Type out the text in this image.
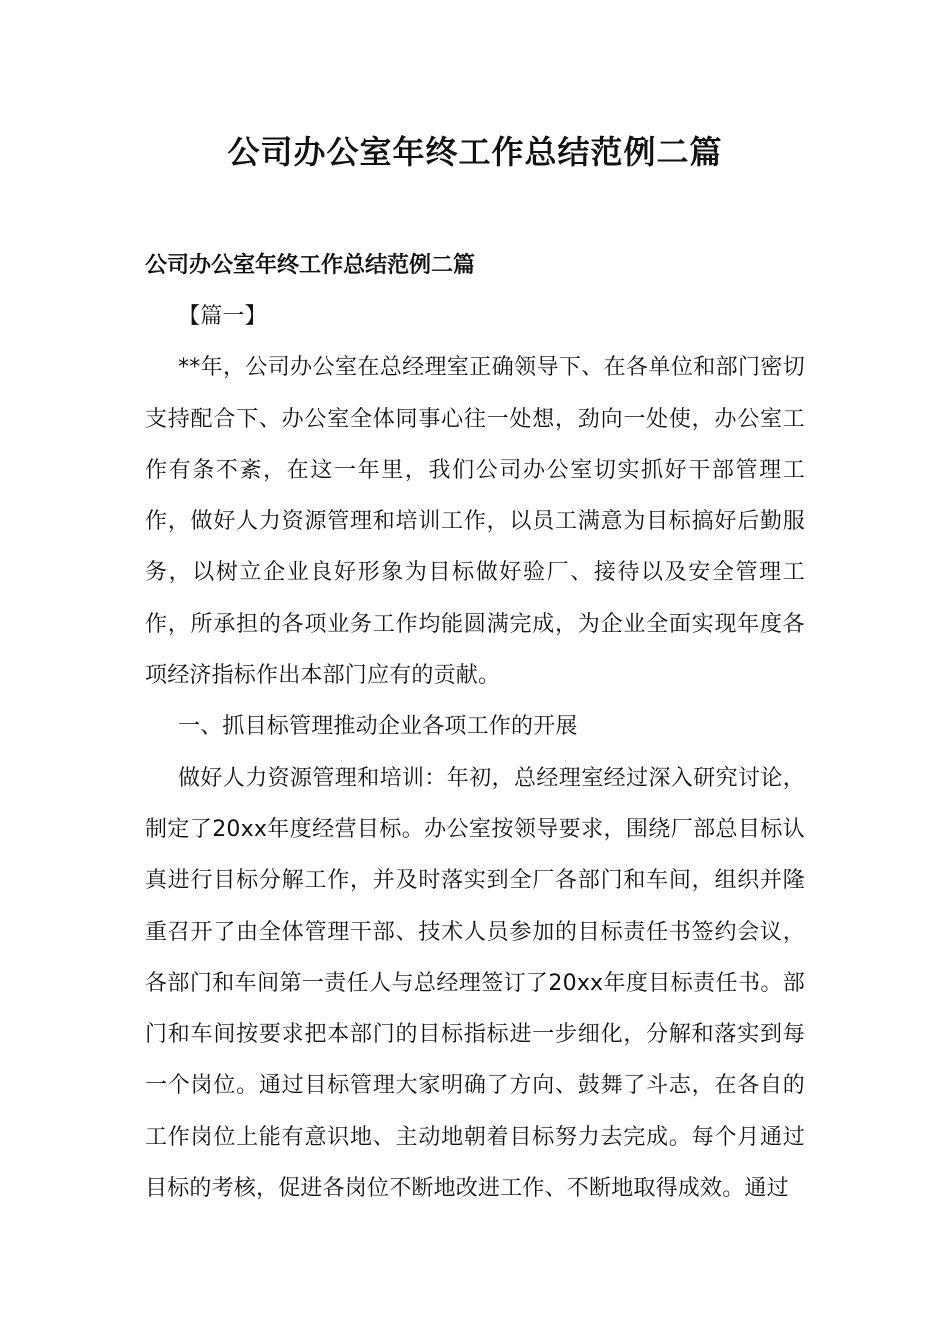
公司办公室年终工作总结范例二篇

公司办公室年终工作总结范例二篇

【篇一】

**年，公司办公室在总经理室正确领导下、在各单位和部门密切支持配合下、办公室全体同事心往一处想，劲向一处使，办公室工作有条不紊，在这一年里，我们公司办公室切实抓好干部管理工作，做好人力资源管理和培训工作，以员工满意为目标搞好后勤服务，以树立企业良好形象为目标做好验厂、接待以及安全管理工作，所承担的各项业务工作均能圆满完成，为企业全面实现年度各项经济指标作出本部门应有的贡献。

一、抓目标管理推动企业各项工作的开展

做好人力资源管理和培训：年初，总经理室经过深入研究讨论，制定了20xx年度经营目标。办公室按领导要求，围绕厂部总目标认真进行目标分解工作，并及时落实到全厂各部门和车间，组织并隆重召开了由全体管理干部、技术人员参加的目标责任书签约会议，各部门和车间第一责任人与总经理签订了20xx年度目标责任书。部门和车间按要求把本部门的目标指标进一步细化，分解和落实到每一个岗位。通过目标管理大家明确了方向、鼓舞了斗志，在各自的工作岗位上能有意识地、主动地朝着目标努力去完成。每个月通过目标的考核，促进各岗位不断地改进工作、不断地取得成效。通过
